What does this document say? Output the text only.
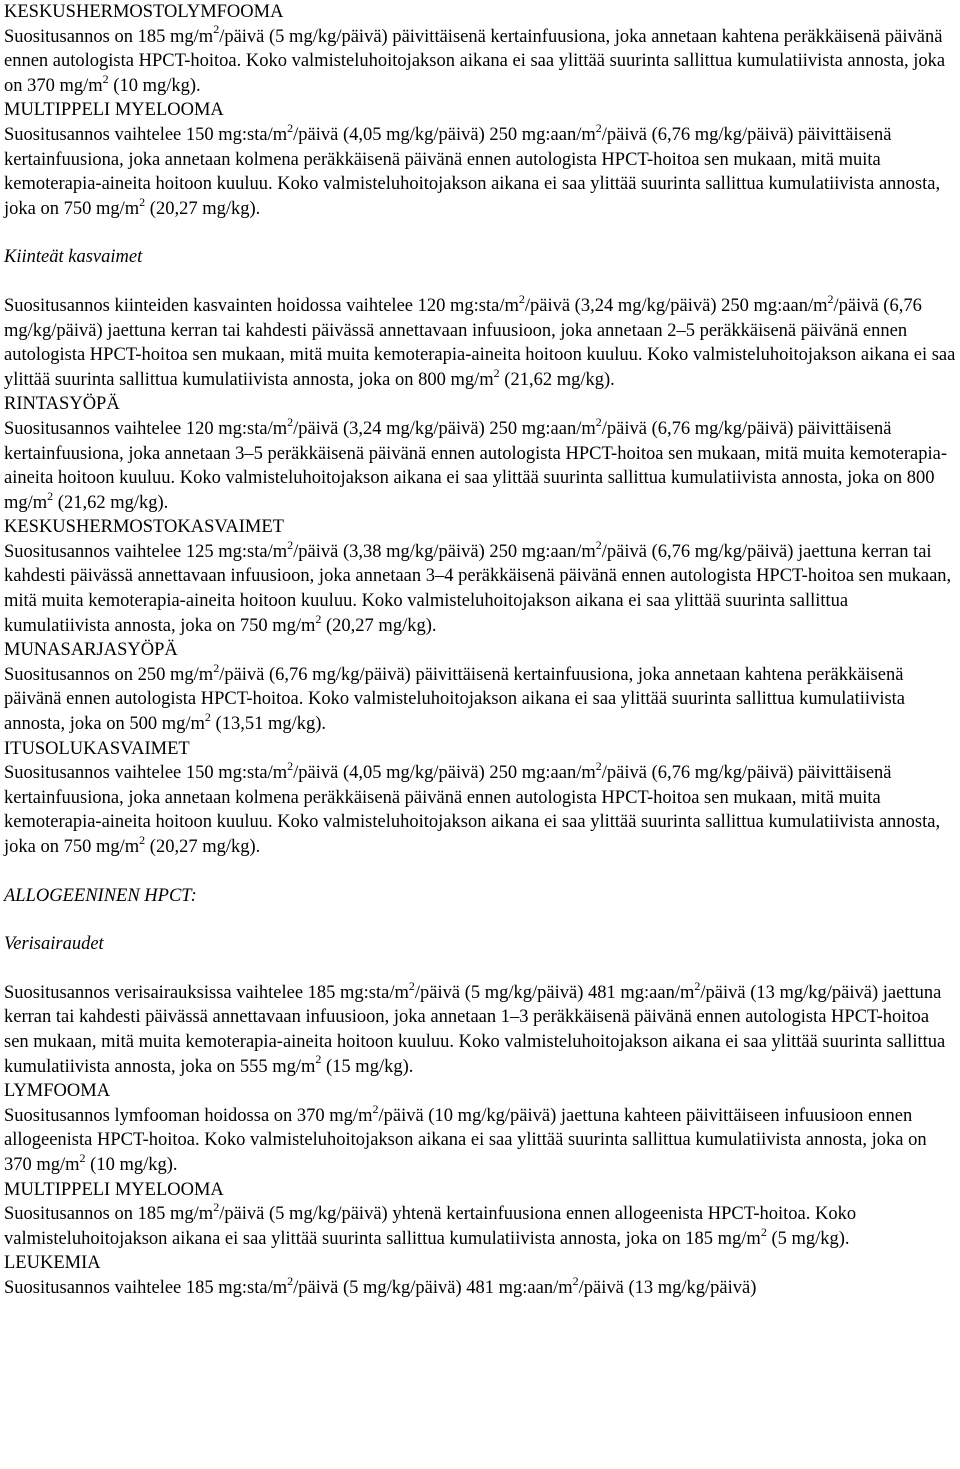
KESKUSHERMOSTOLYMFOOMA

Suositusannos on 185 $mg/m^2$/päivä (5 mg/kg/päivä) päivittäisenä kertainfuusiona, joka annetaan kahtena peräkkäisenä päivänä ennen autologista HPCT-hoitoa. Koko valmisteluhoitojakson aikana ei saa ylittää suurinta sallittua kumulatiivista annosta, joka on 370 $mg/m^2$ (10 mg/kg).

MULTIPPELI MYELOOMA

Suositusannos vaihtelee 150 $mg:sta/m^2$/päivä (4,05 mg/kg/päivä) 250 $mg:aan/m^2$/päivä (6,76 mg/kg/päivä) päivittäisenä kertainfuusiona, joka annetaan kolmena peräkkäisenä päivänä ennen autologista HPCT-hoitoa sen mukaan, mitä muita kemoterapia-aineita hoitoon kuuluu. Koko valmisteluhoitojakson aikana ei saa ylittää suurinta sallittua kumulatiivista annosta, joka on 750 $mg/m^2$ (20,27 mg/kg).

Kiinteät kasvaimet

Suositusannos kiinteiden kasvainten hoidossa vaihtelee 120 $mg:sta/m^2$/päivä (3,24 mg/kg/päivä) 250 $mg:aan/m^2$/päivä (6,76 mg/kg/päivä) jaettuna kerran tai kahdesti päivässä annettavaan infuusioon, joka annetaan 2–5 peräkkäisenä päivänä ennen autologista HPCT-hoitoa sen mukaan, mitä muita kemoterapia-aineita hoitoon kuuluu. Koko valmisteluhoitojakson aikana ei saa ylittää suurinta sallittua kumulatiivista annosta, joka on 800 $mg/m^2$ (21,62 mg/kg).

RINTASYÖPÄ

Suositusannos vaihtelee 120 $mg:sta/m^2$/päivä (3,24 mg/kg/päivä) 250 $mg:aan/m^2$/päivä (6,76 mg/kg/päivä) päivittäisenä kertainfuusiona, joka annetaan 3–5 peräkkäisenä päivänä ennen autologista HPCT-hoitoa sen mukaan, mitä muita kemoterapia-aineita hoitoon kuuluu. Koko valmisteluhoitojakson aikana ei saa ylittää suurinta sallittua kumulatiivista annosta, joka on 800 $mg/m^2$ (21,62 mg/kg).

KESKUSHERMOSTOKASVAIMET

Suositusannos vaihtelee 125 $mg:sta/m^2$/päivä (3,38 mg/kg/päivä) 250 $mg:aan/m^2$/päivä (6,76 mg/kg/päivä) jaettuna kerran tai kahdesti päivässä annettavaan infuusioon, joka annetaan 3–4 peräkkäisenä päivänä ennen autologista HPCT-hoitoa sen mukaan, mitä muita kemoterapia-aineita hoitoon kuuluu. Koko valmisteluhoitojakson aikana ei saa ylittää suurinta sallittua kumulatiivista annosta, joka on 750 $mg/m^2$ (20,27 mg/kg).

MUNASARJASYÖPÄ

Suositusannos on 250 $mg/m^2$/päivä (6,76 mg/kg/päivä) päivittäisenä kertainfuusiona, joka annetaan kahtena peräkkäisenä päivänä ennen autologista HPCT-hoitoa. Koko valmisteluhoitojakson aikana ei saa ylittää suurinta sallittua kumulatiivista annosta, joka on 500 $mg/m^2$ (13,51 mg/kg).

ITUSOLUKASVAIMET

Suositusannos vaihtelee 150 $mg:sta/m^2$/päivä (4,05 mg/kg/päivä) 250 $mg:aan/m^2$/päivä (6,76 mg/kg/päivä) päivittäisenä kertainfuusiona, joka annetaan kolmena peräkkäisenä päivänä ennen autologista HPCT-hoitoa sen mukaan, mitä muita kemoterapia-aineita hoitoon kuuluu. Koko valmisteluhoitojakson aikana ei saa ylittää suurinta sallittua kumulatiivista annosta, joka on 750 $mg/m^2$ (20,27 mg/kg).

ALLOGEENINEN HPCT:

Verisairaudet

Suositusannos verisairauksissa vaihtelee 185 $mg:sta/m^2$/päivä (5 mg/kg/päivä) 481 $mg:aan/m^2$/päivä (13 mg/kg/päivä) jaettuna kerran tai kahdesti päivässä annettavaan infuusioon, joka annetaan 1–3 peräkkäisenä päivänä ennen autologista HPCT-hoitoa sen mukaan, mitä muita kemoterapia-aineita hoitoon kuuluu. Koko valmisteluhoitojakson aikana ei saa ylittää suurinta sallittua kumulatiivista annosta, joka on 555 $mg/m^2$ (15 mg/kg).

LYMFOOMA

Suositusannos lymfooman hoidossa on 370 $mg/m^2$/päivä (10 mg/kg/päivä) jaettuna kahteen päivittäiseen infuusioon ennen allogeenista HPCT-hoitoa. Koko valmisteluhoitojakson aikana ei saa ylittää suurinta sallittua kumulatiivista annosta, joka on 370 $mg/m^2$ (10 mg/kg).

MULTIPPELI MYELOOMA

Suositusannos on 185 $mg/m^2$/päivä (5 mg/kg/päivä) yhtenä kertainfuusiona ennen allogeenista HPCT-hoitoa. Koko valmisteluhoitojakson aikana ei saa ylittää suurinta sallittua kumulatiivista annosta, joka on 185 $mg/m^2$ (5 mg/kg).

LEUKEMIA

Suositusannos vaihtelee 185 $mg:sta/m^2$/päivä (5 mg/kg/päivä) 481 $mg:aan/m^2$/päivä (13 mg/kg/päivä)
